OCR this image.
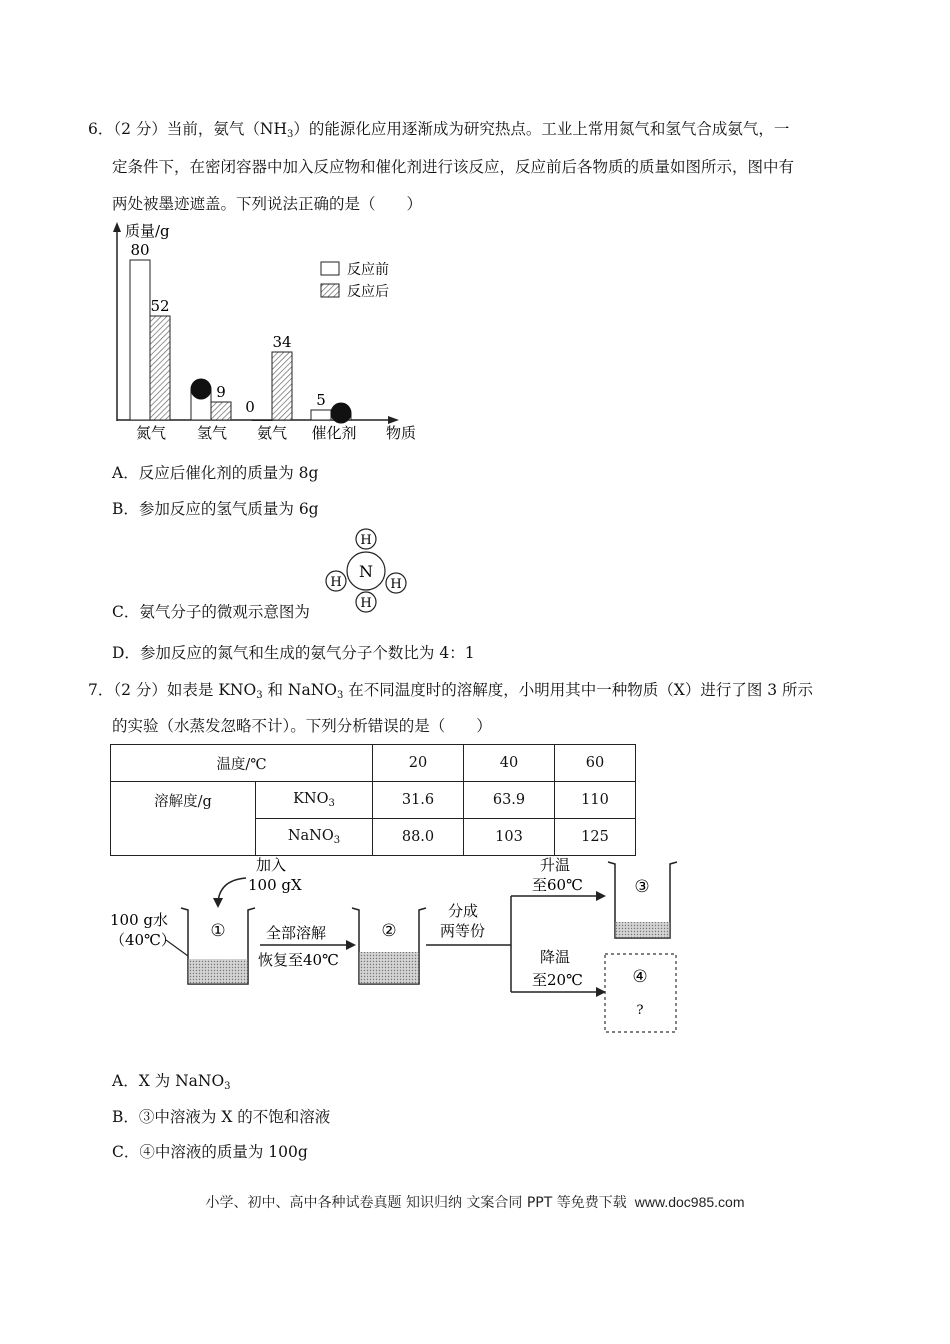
6．（2 分）当前，氨气$(NH_3)$的能源化应用逐渐成为研究热点。工业上常用氮气和氢气合成氨气，一
定条件下，在密闭容器中加入反应物和催化剂进行该反应，反应前后各物质的质量如图所示，图中有
两处被墨迹遮盖。下列说法正确的是（　　）
质量/g
物质
反应前
反应后
80
52
9
0
34
5
氮气 氢气 氨气 催化剂
A．反应后催化剂的质量为 8g
B．参加反应的氢气质量为 6g
N
H
H	H
H
C．氨气分子的微观示意图为
D．参加反应的氮气和生成的氨气分子个数比为 4：1
7．（2 分）如表是 $KNO_3$ 和 NaNO$_3$ 在不同温度时的溶解度，小明用其中一种物质（X）进行了图 3 所示
的实验（水蒸发忽略不计）。下列分析错误的是（　　）
温度/℃		20	40	60
溶解度/g	$KNO_3$	31.6	63.9	110
	NaNO$_3$	88.0	103	125
加入
100 gX
100 g水
（40℃） ①	全部溶解
恢复至40℃
②
分成
两等份
升温
至60℃
降温
至20℃
③
④
?
A．X 为 NaNO$_3$
B．③中溶液为 X 的不饱和溶液
C．④中溶液的质量为 100g
小学、初中、高中各种试卷真题 知识归纳 文案合同 PPT 等免费下载 www.doc985.com
